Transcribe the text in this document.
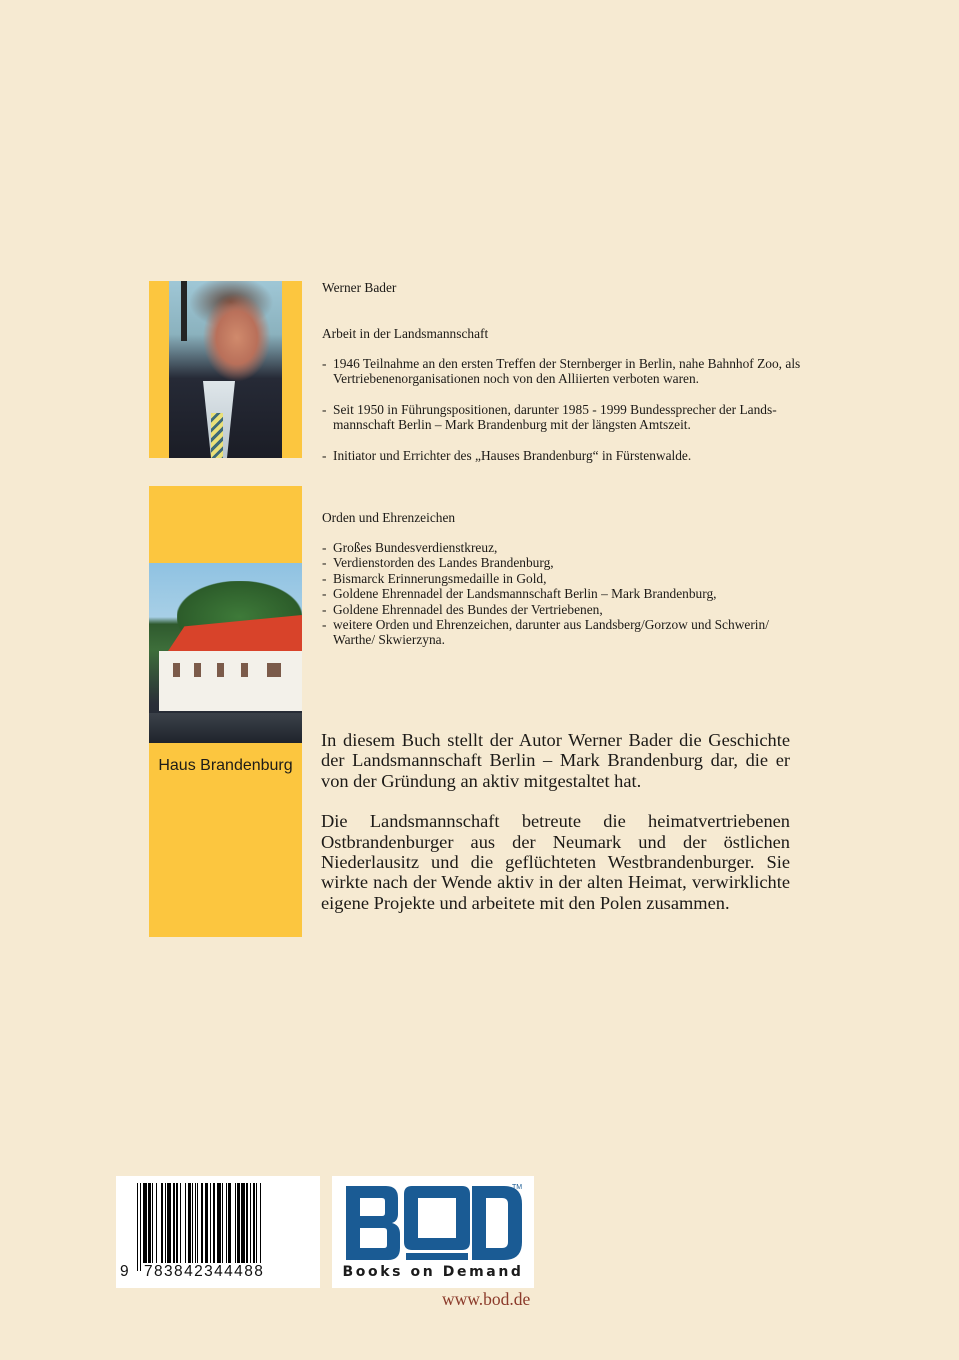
Haus Brandenburg
Werner Bader
Arbeit in der Landsmannschaft
- 1946 Teilnahme an den ersten Treffen der Sternberger in Berlin, nahe Bahnhof Zoo, als Vertriebenenorganisationen noch von den Alliierten verboten waren.
- Seit 1950 in Führungspositionen, darunter 1985 - 1999 Bundessprecher der Lands-mannschaft Berlin – Mark Brandenburg mit der längsten Amtszeit.
- Initiator und Errichter des „Hauses Brandenburg“ in Fürstenwalde.
Orden und Ehrenzeichen
- Großes Bundesverdienstkreuz,
- Verdienstorden des Landes Brandenburg,
- Bismarck Erinnerungsmedaille in Gold,
- Goldene Ehrennadel der Landsmannschaft Berlin – Mark Brandenburg,
- Goldene Ehrennadel des Bundes der Vertriebenen,
- weitere Orden und Ehrenzeichen, darunter aus Landsberg/Gorzow und Schwerin/ Warthe/ Skwierzyna.

In diesem Buch stellt der Autor Werner Bader die Geschichte der Landsmannschaft Berlin – Mark Brandenburg dar, die er von der Gründung an aktiv mitgestaltet hat.

Die Landsmannschaft betreute die heimatvertriebenen Ostbrandenburger aus der Neumark und der östlichen Niederlausitz und die geflüchteten Westbrandenburger. Sie wirkte nach der Wende aktiv in der alten Heimat, verwirklichte eigene Projekte und arbeitete mit den Polen zusammen.

9 783842344488
TM
Books on Demand
www.bod.de
